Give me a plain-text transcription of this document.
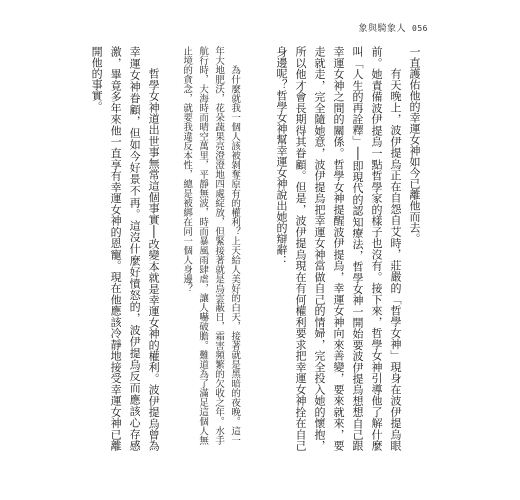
象與騎象人 056

一直護佑他的幸運女神如今已離他而去。

有天晚上，波伊提烏正在自怨自艾時，莊嚴的「哲學女神」現身在波伊提烏眼前。她責備波伊提烏一點哲學家的樣子也沒有。接下來，哲學女神引導他了解什麼叫「人生的再詮釋」──即現代的認知療法，哲學女神一開始要波伊提烏想想自己跟幸運女神之間的關係。哲學女神提醒波伊提烏，幸運女神向來善變，要來就來，要走就走，完全隨她意，波伊提烏把幸運女神當做自己的情婦，完全投入她的懷抱，所以他才會長期得其眷顧。但是，波伊提烏現在有何權利要求把幸運女神拴在自己身邊呢？哲學女神幫幸運女神說出她的辯辭：

為什麼就我一個人該被剝奪原有的權利？上天給人美好的白天，接著就是黑暗的夜晚。這一年大地肥沃，花朵蔬果亮澄澄地四處綻放，但緊接著就是烏雲蔽日，霜害頻繁的欠收之年。水手航行時，大海時而晴空萬里，平靜無波，時而暴風雨肆虐，讓人嚇破膽。難道為了滿足這個人無止境的貪念，就要我違反本性，總是被綁在同一個人身邊？

哲學女神道出世事無常這個事實──改變本就是幸運女神的權利。波伊提烏曾為幸運女神眷顧，但如今好景不再。這沒什麼好憤怒的，波伊提烏反而應該心存感激，畢竟多年來他一直享有幸運女神的恩寵。現在他應該冷靜地接受幸運女神已離開他的事實。
